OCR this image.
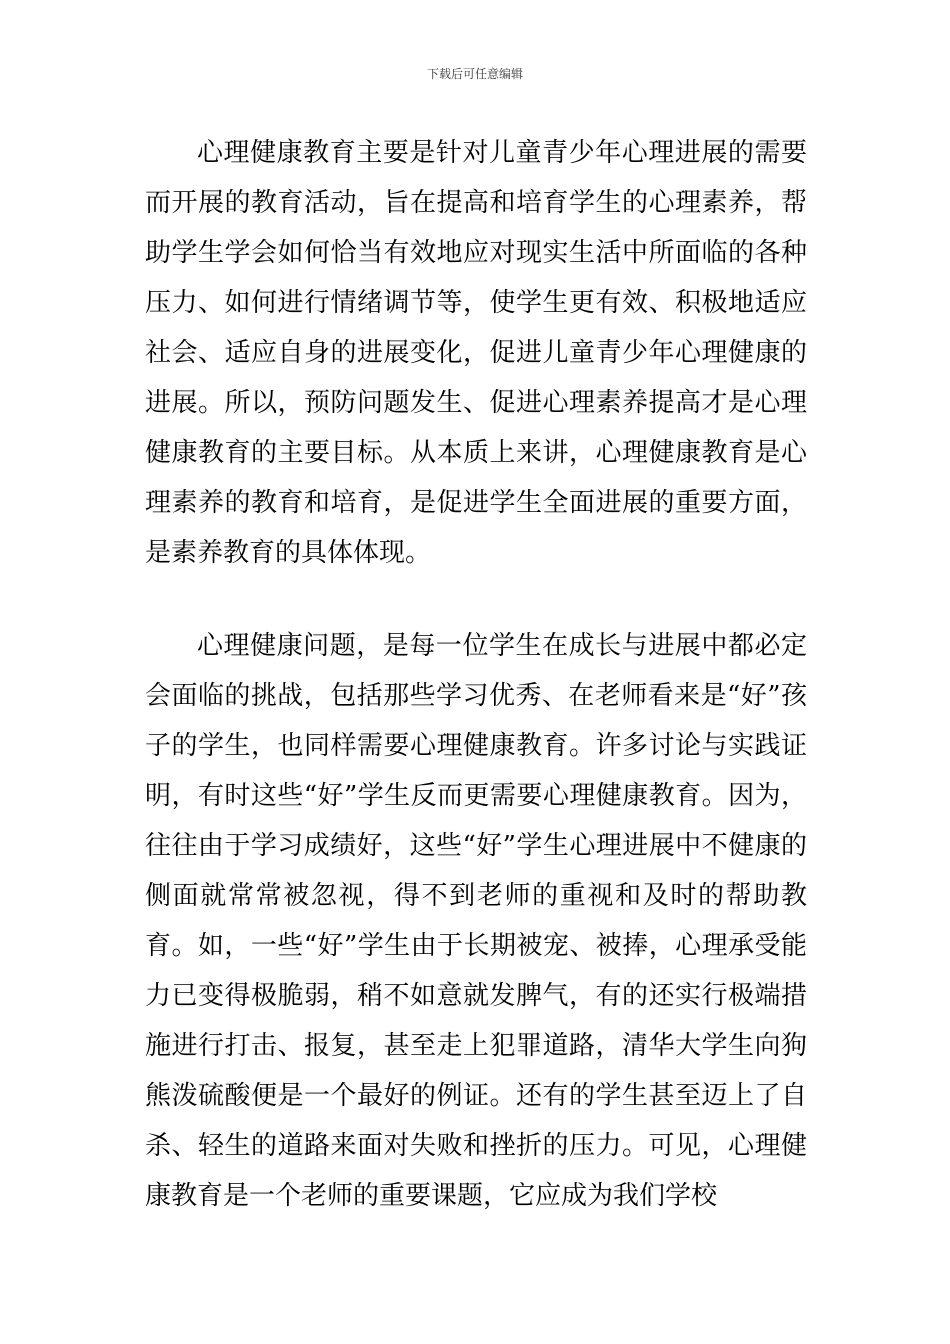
下载后可任意编辑

心理健康教育主要是针对儿童青少年心理进展的需要而开展的教育活动，旨在提高和培育学生的心理素养，帮助学生学会如何恰当有效地应对现实生活中所面临的各种压力、如何进行情绪调节等，使学生更有效、积极地适应社会、适应自身的进展变化，促进儿童青少年心理健康的进展。所以，预防问题发生、促进心理素养提高才是心理健康教育的主要目标。从本质上来讲，心理健康教育是心理素养的教育和培育，是促进学生全面进展的重要方面，是素养教育的具体体现。

心理健康问题，是每一位学生在成长与进展中都必定会面临的挑战，包括那些学习优秀、在老师看来是“好”孩子的学生，也同样需要心理健康教育。许多讨论与实践证明，有时这些“好”学生反而更需要心理健康教育。因为，往往由于学习成绩好，这些“好”学生心理进展中不健康的侧面就常常被忽视，得不到老师的重视和及时的帮助教育。如，一些“好”学生由于长期被宠、被捧，心理承受能力已变得极脆弱，稍不如意就发脾气，有的还实行极端措施进行打击、报复，甚至走上犯罪道路，清华大学生向狗熊泼硫酸便是一个最好的例证。还有的学生甚至迈上了自杀、轻生的道路来面对失败和挫折的压力。可见，心理健康教育是一个老师的重要课题，它应成为我们学校
